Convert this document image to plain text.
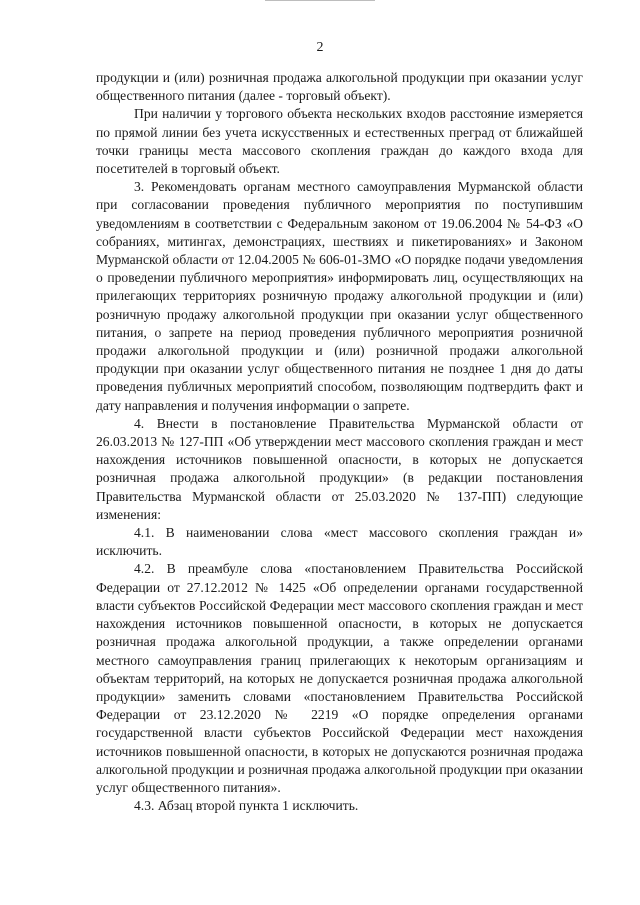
2

продукции и (или) розничная продажа алкогольной продукции при оказании услуг общественного питания (далее - торговый объект).

При наличии у торгового объекта нескольких входов расстояние измеряется по прямой линии без учета искусственных и естественных преград от ближайшей точки границы места массового скопления граждан до каждого входа для посетителей в торговый объект.

3. Рекомендовать органам местного самоуправления Мурманской области при согласовании проведения публичного мероприятия по поступившим уведомлениям в соответствии с Федеральным законом от 19.06.2004 № 54-ФЗ «О собраниях, митингах, демонстрациях, шествиях и пикетированиях» и Законом Мурманской области от 12.04.2005 № 606-01-ЗМО «О порядке подачи уведомления о проведении публичного мероприятия» информировать лиц, осуществляющих на прилегающих территориях розничную продажу алкогольной продукции и (или) розничную продажу алкогольной продукции при оказании услуг общественного питания, о запрете на период проведения публичного мероприятия розничной продажи алкогольной продукции и (или) розничной продажи алкогольной продукции при оказании услуг общественного питания не позднее 1 дня до даты проведения публичных мероприятий способом, позволяющим подтвердить факт и дату направления и получения информации о запрете.

4. Внести в постановление Правительства Мурманской области от 26.03.2013 № 127-ПП «Об утверждении мест массового скопления граждан и мест нахождения источников повышенной опасности, в которых не допускается розничная продажа алкогольной продукции» (в редакции постановления Правительства Мурманской области от 25.03.2020 № 137-ПП) следующие изменения:

4.1. В наименовании слова «мест массового скопления граждан и» исключить.

4.2. В преамбуле слова «постановлением Правительства Российской Федерации от 27.12.2012 № 1425 «Об определении органами государственной власти субъектов Российской Федерации мест массового скопления граждан и мест нахождения источников повышенной опасности, в которых не допускается розничная продажа алкогольной продукции, а также определении органами местного самоуправления границ прилегающих к некоторым организациям и объектам территорий, на которых не допускается розничная продажа алкогольной продукции» заменить словами «постановлением Правительства Российской Федерации от 23.12.2020 № 2219 «О порядке определения органами государственной власти субъектов Российской Федерации мест нахождения источников повышенной опасности, в которых не допускаются розничная продажа алкогольной продукции и розничная продажа алкогольной продукции при оказании услуг общественного питания».

4.3. Абзац второй пункта 1 исключить.
